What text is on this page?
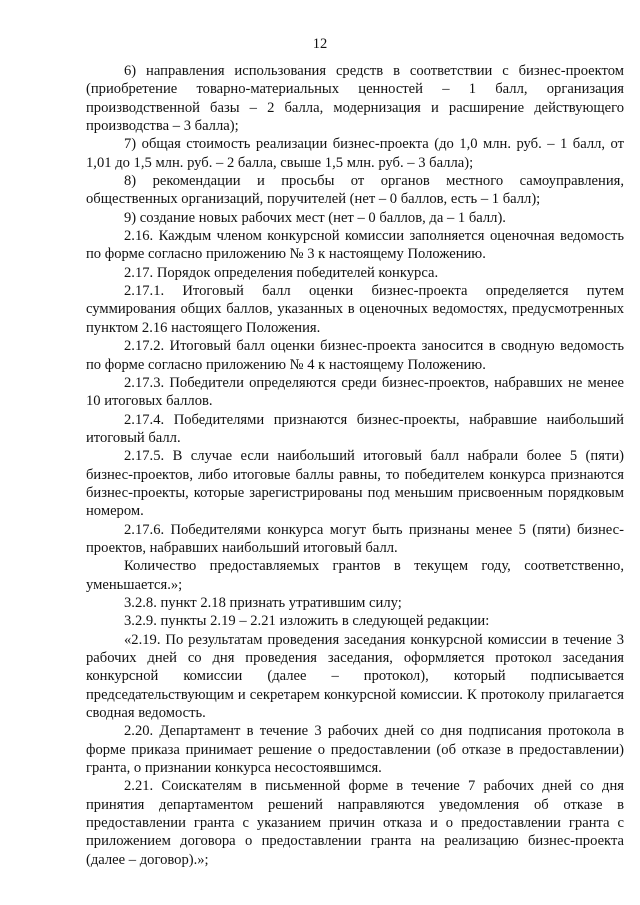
12

6) направления использования средств в соответствии с бизнес-проектом (приобретение товарно-материальных ценностей – 1 балл, организация производственной базы – 2 балла, модернизация и расширение действующего производства – 3 балла);

7) общая стоимость реализации бизнес-проекта (до 1,0 млн. руб. – 1 балл, от 1,01 до 1,5 млн. руб. – 2 балла, свыше 1,5 млн. руб. – 3 балла);

8) рекомендации и просьбы от органов местного самоуправления, общественных организаций, поручителей (нет – 0 баллов, есть – 1 балл);

9) создание новых рабочих мест (нет – 0 баллов, да – 1 балл).

2.16. Каждым членом конкурсной комиссии заполняется оценочная ведомость по форме согласно приложению № 3 к настоящему Положению.

2.17. Порядок определения победителей конкурса.

2.17.1. Итоговый балл оценки бизнес-проекта определяется путем суммирования общих баллов, указанных в оценочных ведомостях, предусмотренных пунктом 2.16 настоящего Положения.

2.17.2. Итоговый балл оценки бизнес-проекта заносится в сводную ведомость по форме согласно приложению № 4 к настоящему Положению.

2.17.3. Победители определяются среди бизнес-проектов, набравших не менее 10 итоговых баллов.

2.17.4. Победителями признаются бизнес-проекты, набравшие наибольший итоговый балл.

2.17.5. В случае если наибольший итоговый балл набрали более 5 (пяти) бизнес-проектов, либо итоговые баллы равны, то победителем конкурса признаются бизнес-проекты, которые зарегистрированы под меньшим присвоенным порядковым номером.

2.17.6. Победителями конкурса могут быть признаны менее 5 (пяти) бизнес-проектов, набравших наибольший итоговый балл.

Количество предоставляемых грантов в текущем году, соответственно, уменьшается.»;

3.2.8. пункт 2.18 признать утратившим силу;

3.2.9. пункты 2.19 – 2.21 изложить в следующей редакции:

«2.19. По результатам проведения заседания конкурсной комиссии в течение 3 рабочих дней со дня проведения заседания, оформляется протокол заседания конкурсной комиссии (далее – протокол), который подписывается председательствующим и секретарем конкурсной комиссии. К протоколу прилагается сводная ведомость.

2.20. Департамент в течение 3 рабочих дней со дня подписания протокола в форме приказа принимает решение о предоставлении (об отказе в предоставлении) гранта, о признании конкурса несостоявшимся.

2.21. Соискателям в письменной форме в течение 7 рабочих дней со дня принятия департаментом решений направляются уведомления об отказе в предоставлении гранта с указанием причин отказа и о предоставлении гранта с приложением договора о предоставлении гранта на реализацию бизнес-проекта (далее – договор).»;
